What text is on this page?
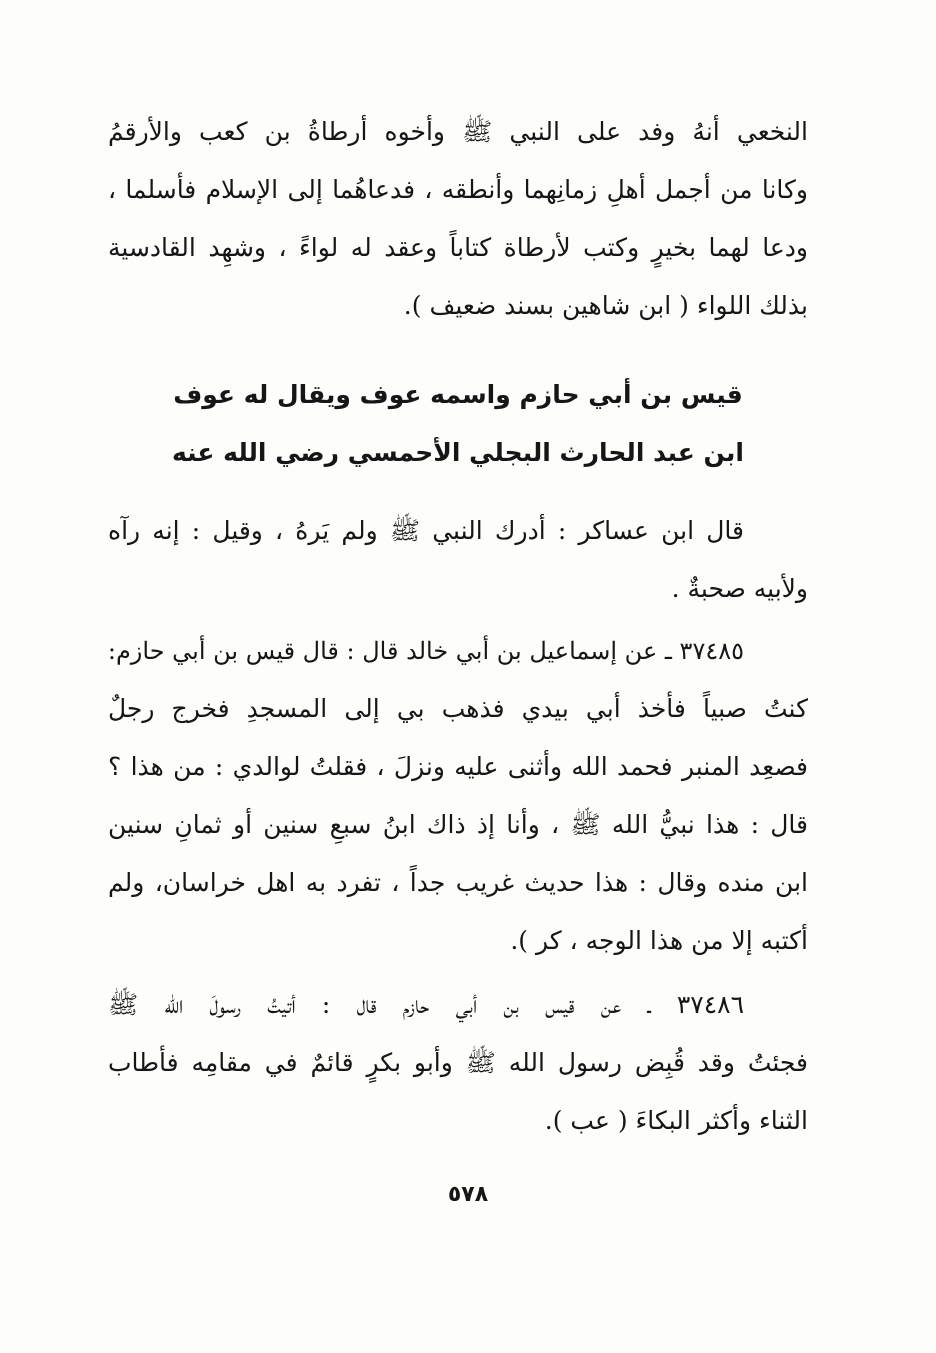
النخعي أنهُ وفد على النبي ﷺ وأخوه أرطاةُ بن كعب والأرقمُ
وكانا من أجمل أهلِ زمانِهما وأنطقه ، فدعاهُما إلى الإسلام فأسلما ،
ودعا لهما بخيرٍ وكتب لأرطاة كتاباً وعقد له لواءً ، وشهِد القادسية
بذلك اللواء ( ابن شاهين بسند ضعيف ).
قيس بن أبي حازم واسمه عوف ويقال له عوف
ابن عبد الحارث البجلي الأحمسي رضي الله عنه
قال ابن عساكر : أدرك النبي ﷺ ولم يَرهُ ، وقيل : إنه رآه
ولأبيه صحبةٌ .
٣٧٤٨٥ ـ عن إسماعيل بن أبي خالد قال : قال قيس بن أبي حازم:
كنتُ صبياً فأخذ أبي بيدي فذهب بي إلى المسجدِ فخرج رجلٌ
فصعِد المنبر فحمد الله وأثنى عليه ونزلَ ، فقلتُ لوالدي : من هذا ؟
قال : هذا نبيُّ الله ﷺ ، وأنا إذ ذاك ابنُ سبعِ سنين أو ثمانِ سنين
ابن منده وقال : هذا حديث غريب جداً ، تفرد به اهل خراسان، ولم
أكتبه إلا من هذا الوجه ، كر ).
٣٧٤٨٦ ـ عن قيس بن أبي حازم قال : أتيتُ رسولَ الله ﷺ
فجئتُ وقد قُبِض رسول الله ﷺ وأبو بكرٍ قائمٌ في مقامِه فأطاب
الثناء وأكثر البكاءَ ( عب ).
٥٧٨
